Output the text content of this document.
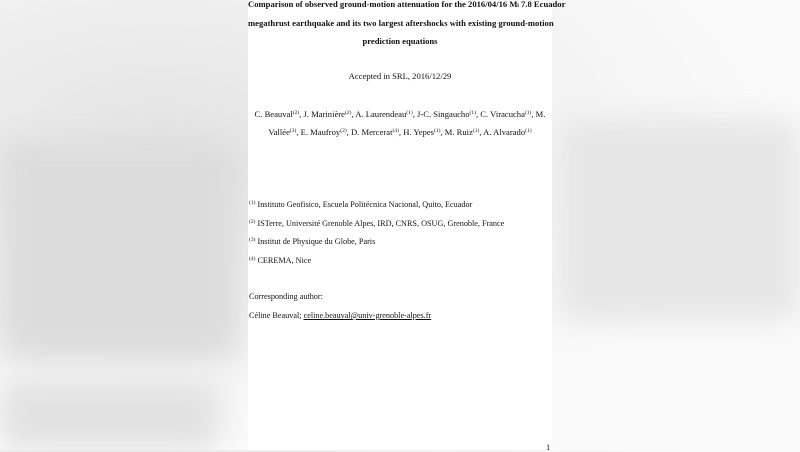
Comparison of observed ground-motion attenuation for the 2016/04/16 Mₗ 7.8 Ecuador
megathrust earthquake and its two largest aftershocks with existing ground-motion
prediction equations
Accepted in SRL, 2016/12/29
C. Beauval$^{(2)}$, J. Marinière$^{(2)}$, A. Laurendeau$^{(1)}$, J-C. Singaucho$^{(1)}$, C. Viracucha$^{(1)}$, M.
Vallée$^{(3)}$, E. Maufroy$^{(2)}$, D. Mercerat$^{(4)}$, H. Yepes$^{(1)}$, M. Ruiz$^{(1)}$, A. Alvarado$^{(1)}$
$^{(1)}$ Instituto Geofisico, Escuela Politécnica Nacional, Quito, Ecuador
$^{(2)}$ ISTerre, Université Grenoble Alpes, IRD, CNRS, OSUG, Grenoble, France
$^{(3)}$ Institut de Physique du Globe, Paris
$^{(4)}$ CEREMA, Nice
Corresponding author:
Céline Beauval; celine.beauval@univ-grenoble-alpes.fr
1
